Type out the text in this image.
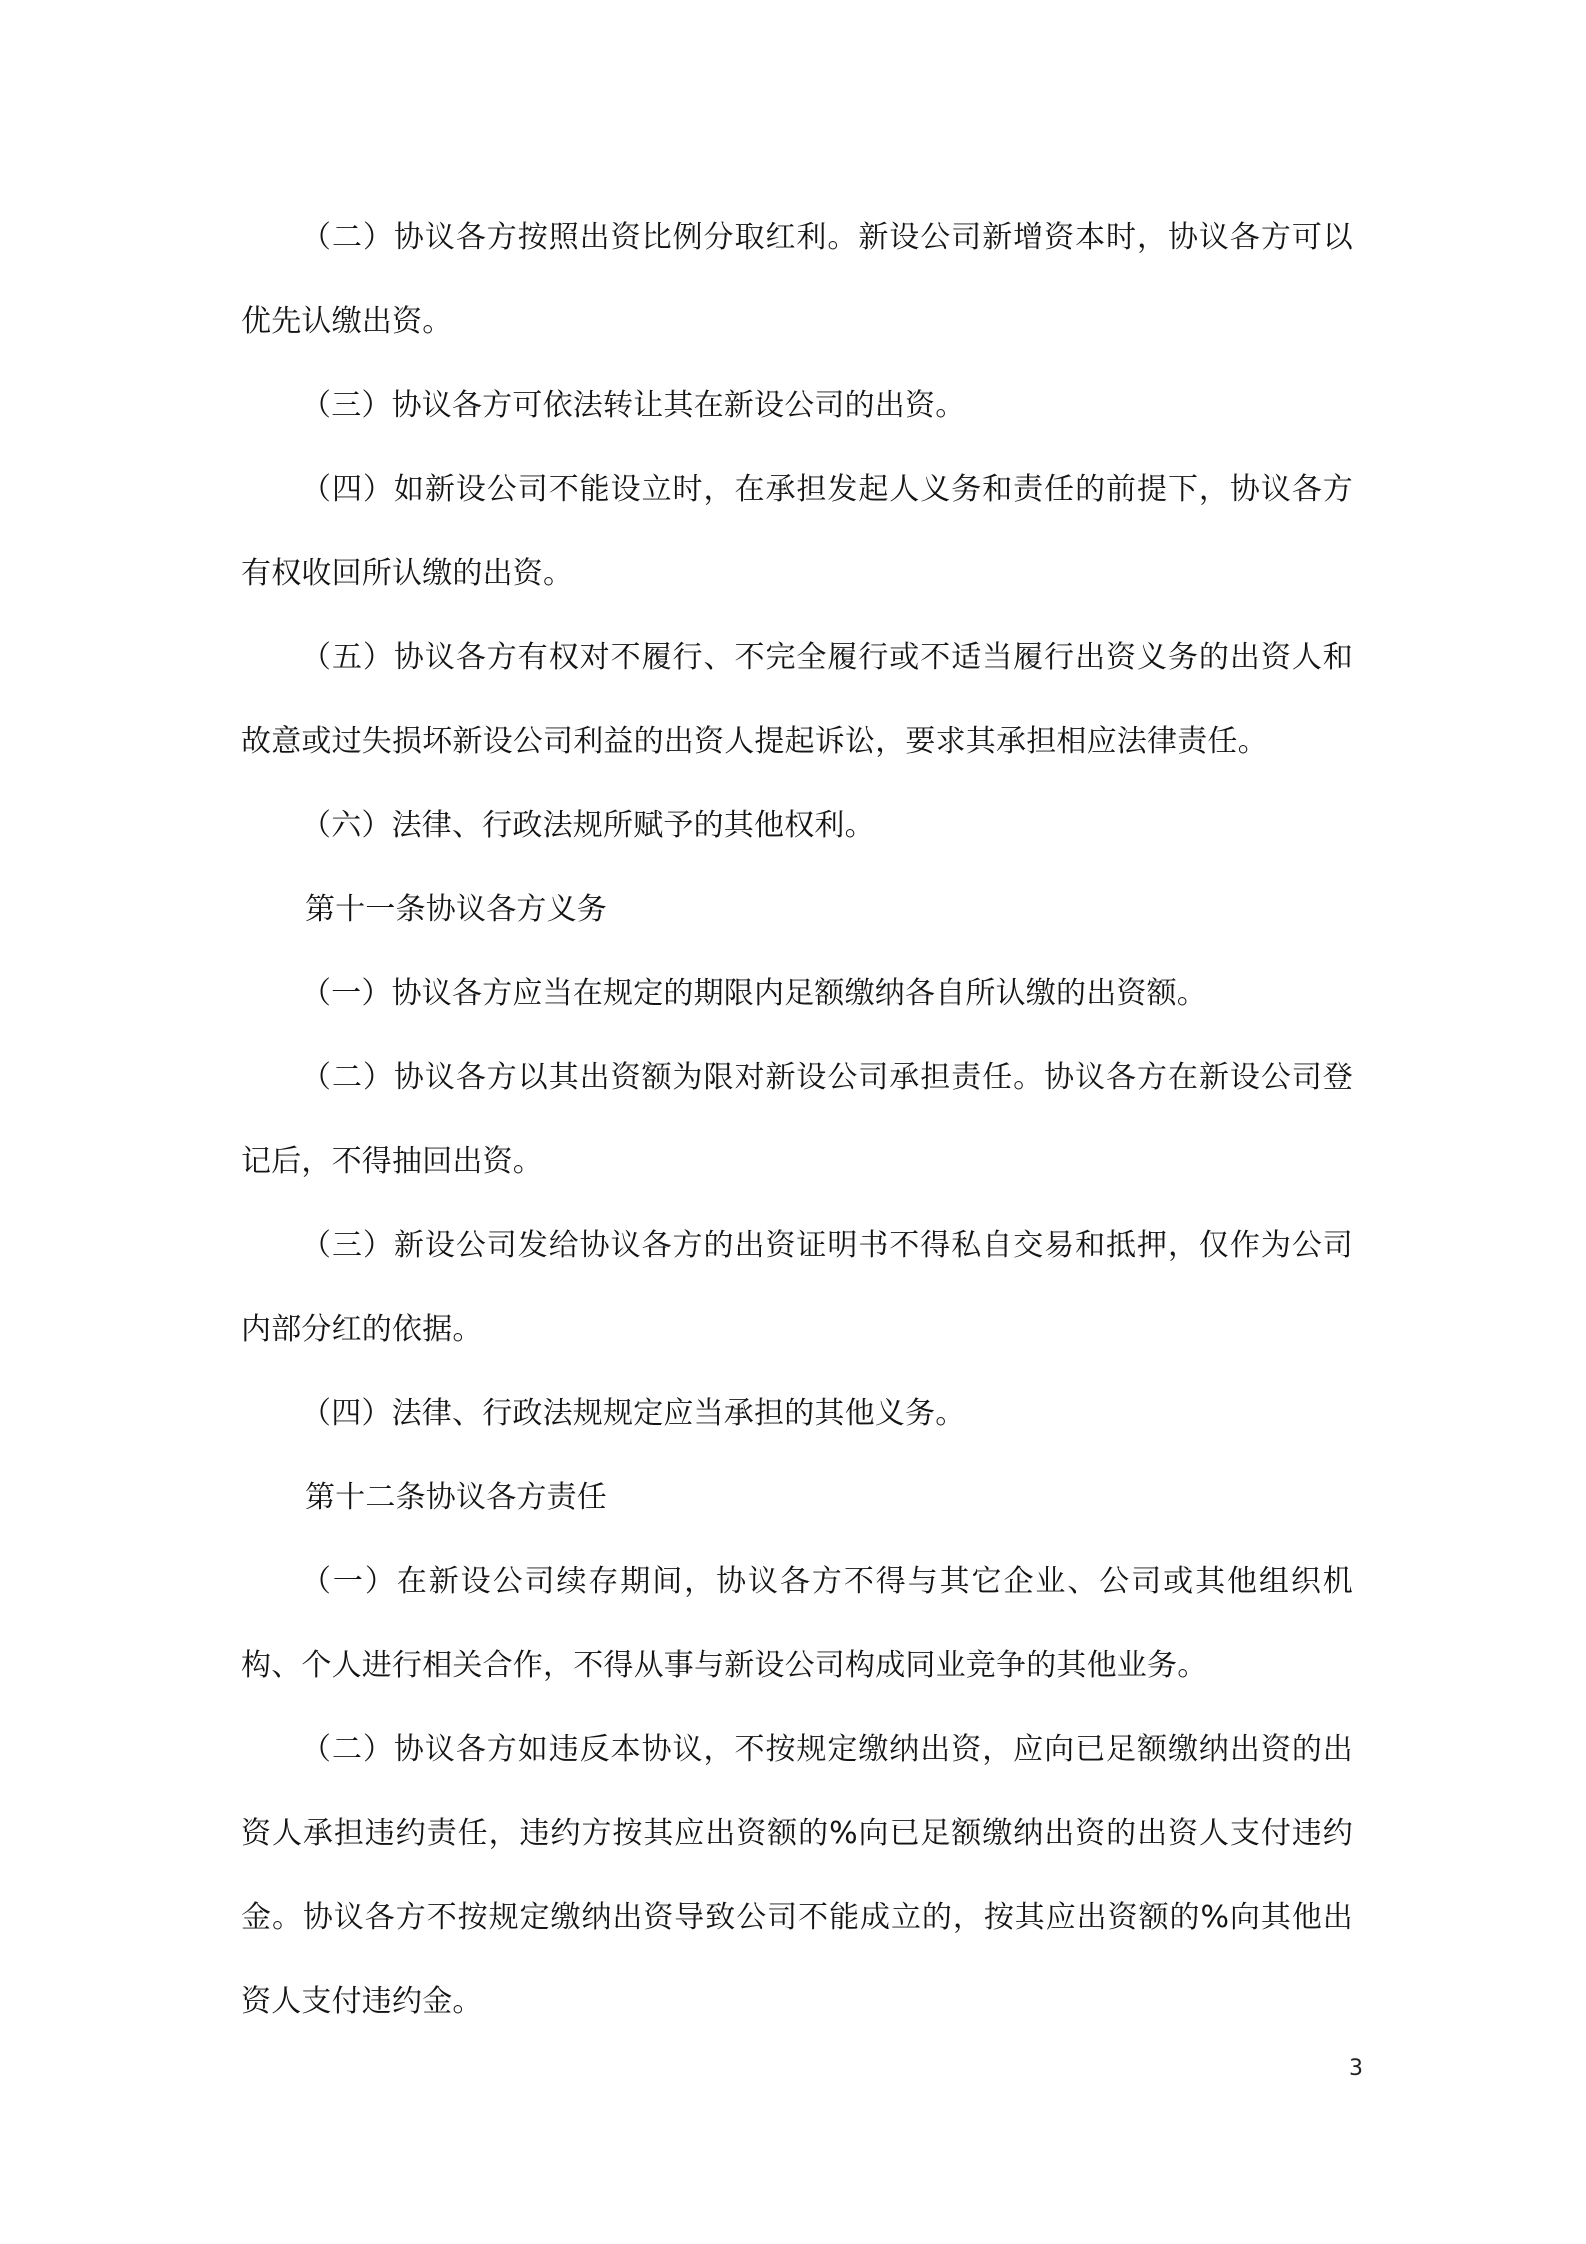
（二）协议各方按照出资比例分取红利。新设公司新增资本时，协议各方可以优先认缴出资。

（三）协议各方可依法转让其在新设公司的出资。

（四）如新设公司不能设立时，在承担发起人义务和责任的前提下，协议各方有权收回所认缴的出资。

（五）协议各方有权对不履行、不完全履行或不适当履行出资义务的出资人和故意或过失损坏新设公司利益的出资人提起诉讼，要求其承担相应法律责任。

（六）法律、行政法规所赋予的其他权利。

第十一条协议各方义务

（一）协议各方应当在规定的期限内足额缴纳各自所认缴的出资额。

（二）协议各方以其出资额为限对新设公司承担责任。协议各方在新设公司登记后，不得抽回出资。

（三）新设公司发给协议各方的出资证明书不得私自交易和抵押，仅作为公司内部分红的依据。

（四）法律、行政法规规定应当承担的其他义务。

第十二条协议各方责任

（一）在新设公司续存期间，协议各方不得与其它企业、公司或其他组织机构、个人进行相关合作，不得从事与新设公司构成同业竞争的其他业务。

（二）协议各方如违反本协议，不按规定缴纳出资，应向已足额缴纳出资的出资人承担违约责任，违约方按其应出资额的%向已足额缴纳出资的出资人支付违约金。协议各方不按规定缴纳出资导致公司不能成立的，按其应出资额的%向其他出资人支付违约金。

3
